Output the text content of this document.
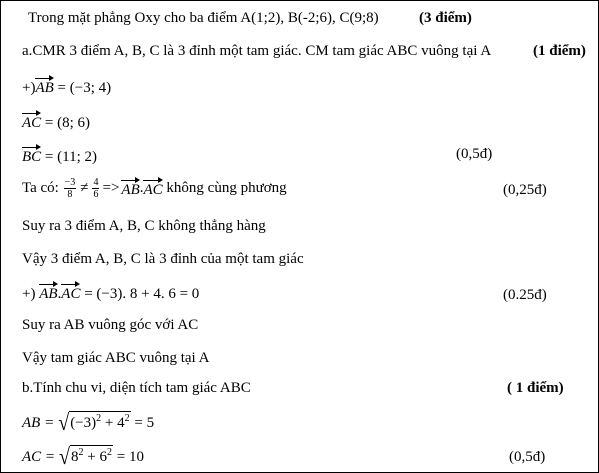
Trong mặt phẳng Oxy cho ba điểm A(1;2), B(-2;6), C(9;8)	(3 điểm)
a.CMR 3 điểm A, B, C là 3 đỉnh một tam giác. CM tam giác ABC vuông tại A	(1 điểm)
+)AB = (−3; 4)
AC = (8; 6)
BC = (11; 2)	(0,5đ)
Ta có: $\frac{-3}{8} \ne \frac{4}{6}$ => AB . AC không cùng phương	(0,25đ)
Suy ra 3 điểm A, B, C không thẳng hàng
Vậy 3 điểm A, B, C là 3 đỉnh của một tam giác
+) AB.AC = (−3). 8 + 4. 6 = 0	(0.25đ)
Suy ra AB vuông góc với AC
Vậy tam giác ABC vuông tại A
b.Tính chu vi, diện tích tam giác ABC	( 1 điểm)
AB = √ $(-3)^2 + 4^2 = 5$
AC = √ $8^2 + 6^2 = 10$	(0,5đ)
